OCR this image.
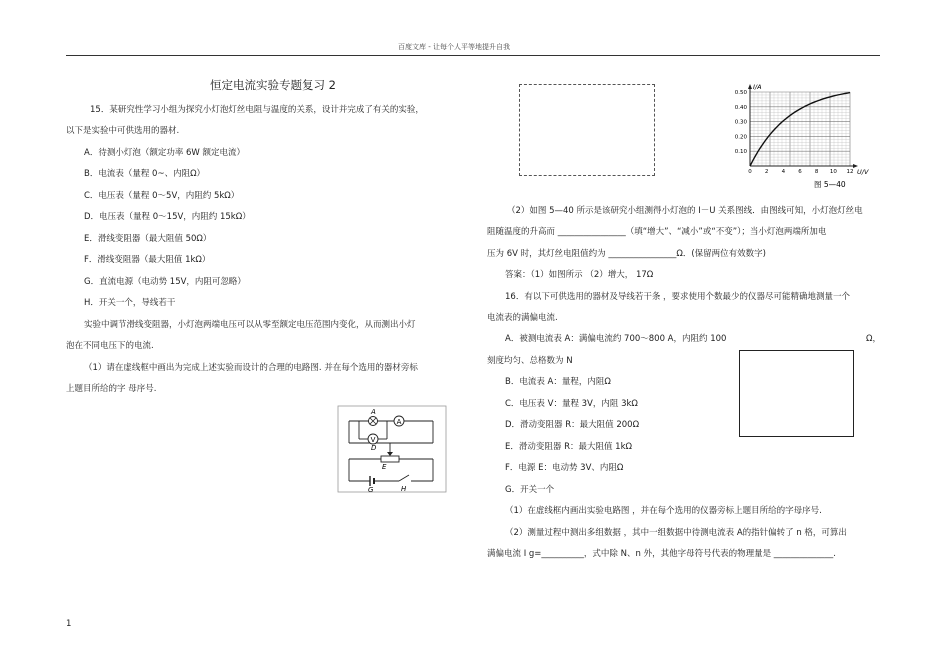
百度文库 - 让每个人平等地提升自我
恒定电流实验专题复习 2
15．某研究性学习小组为探究小灯泡灯丝电阻与温度的关系，设计并完成了有关的实验，
以下是实验中可供选用的器材.
A．待测小灯泡（额定功率 6W 额定电流）
B．电流表（量程 0~、内阻Ω）
C．电压表（量程 0～5V，内阻约 5kΩ）
D．电压表（量程 0～15V，内阻约 15kΩ）
E．滑线变阻器（最大阻值 50Ω）
F．滑线变阻器（最大阻值 1kΩ）
G．直流电源（电动势 15V，内阻可忽略）
H．开关一个，导线若干
实验中调节滑线变阻器，小灯泡两端电压可以从零至额定电压范围内变化，从而测出小灯
泡在不同电压下的电流.
（1）请在虚线框中画出为完成上述实验而设计的合理的电路图. 并在每个选用的器材旁标
上题目所给的字 母序号.
A
A
V
D
E
G	H
0.50
0.40
0.30
0.20
0.10
0 2 4 6 8 10 12
I/A
U/V
图 5—40
（2）如图 5—40 所示是该研究小组测得小灯泡的 I－U 关系图线．由图线可知，小灯泡灯丝电
阻随温度的升高而 ________________（填“增大”、“减小”或“不变”）；当小灯泡两端所加电
压为 6V 时，其灯丝电阻值约为 ________________Ω．(保留两位有效数字)
答案：（1）如图所示 （2）增大， 17Ω
16．有以下可供选用的器材及导线若干条 ，要求使用个数最少的仪器尽可能精确地测量一个
电流表的满偏电流.
A．被测电流表 A：满偏电流约 700～800 A，内阻约 100	Ω，
刻度均匀、总格数为 N
B．电流表 A：量程，内阻Ω
C．电压表 V：量程 3V，内阻 3kΩ
D．滑动变阻器 R：最大阻值 200Ω
E．滑动变阻器 R：最大阻值 1kΩ
F．电源 E：电动势 3V、内阻Ω
G．开关一个
（1）在虚线框内画出实验电路图 ，并在每个选用的仪器旁标上题目所给的字母序号.
（2）测量过程中测出多组数据 ，其中一组数据中待测电流表 A的指针偏转了 n 格，可算出
满偏电流 I g=__________，式中除 N、n 外，其他字母符号代表的物理量是 ______________.
1
